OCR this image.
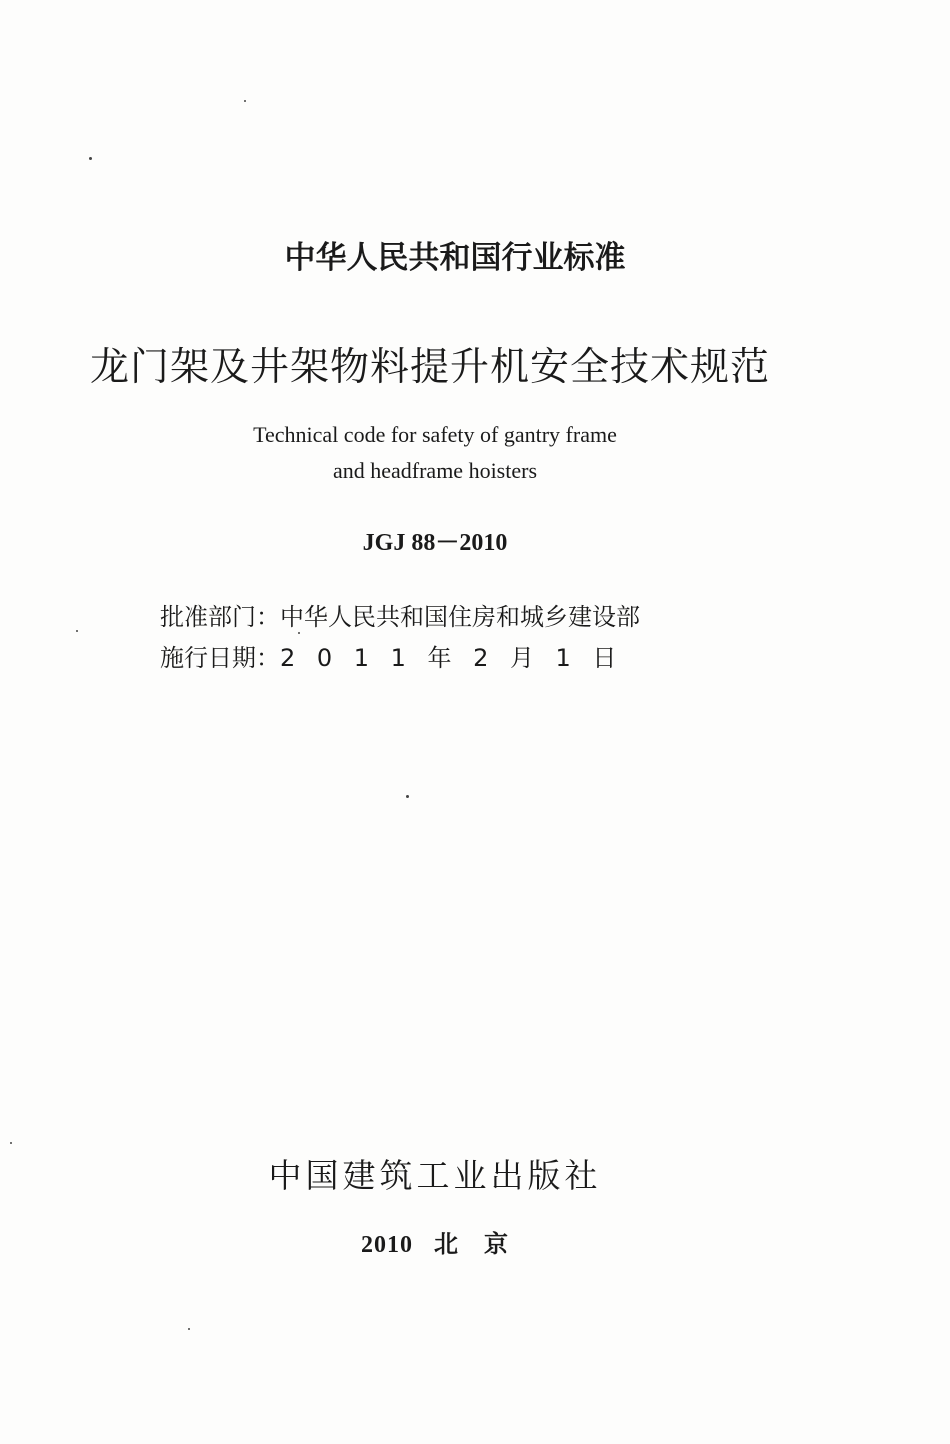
中华人民共和国行业标准
龙门架及井架物料提升机安全技术规范
Technical code for safety of gantry frame
and headframe hoisters
JGJ 88－2010
批准部门： 中华人民共和国住房和城乡建设部
施行日期： 2011年2月1日
中国建筑工业出版社
2010 北　京
